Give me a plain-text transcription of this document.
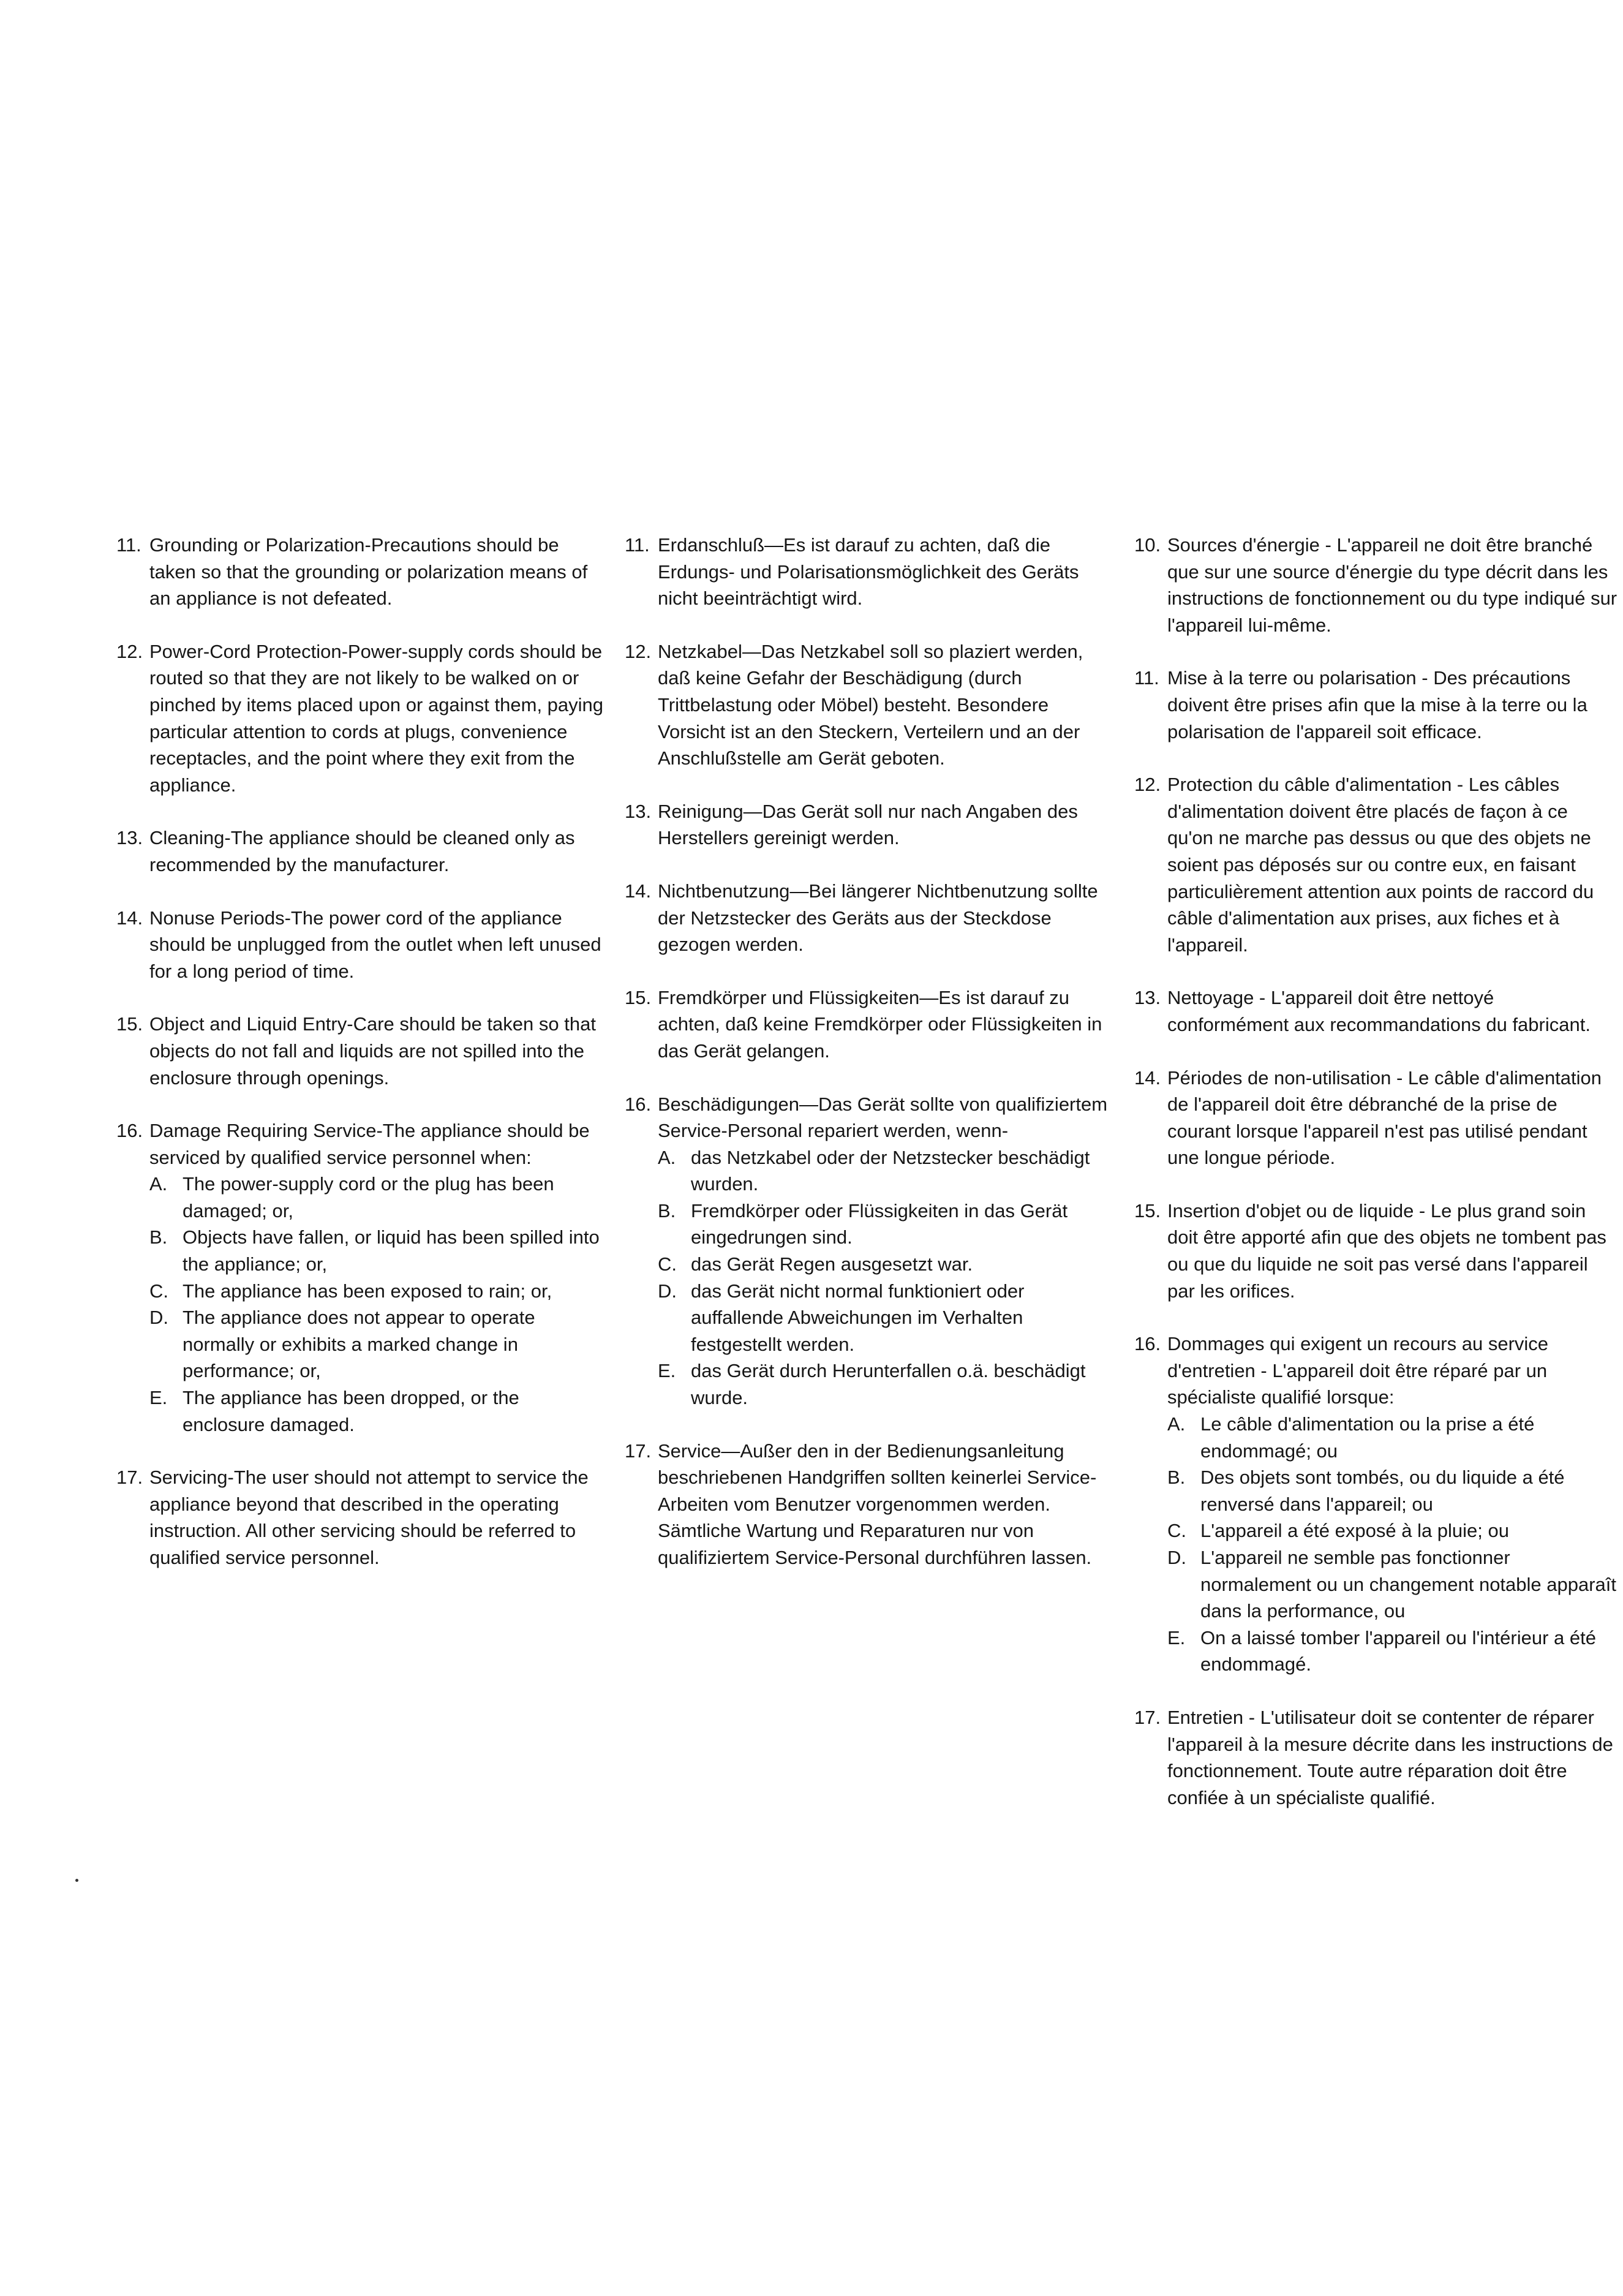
11. Grounding or Polarization-Precautions should be taken so that the grounding or polarization means of an appliance is not defeated.
12. Power-Cord Protection-Power-supply cords should be routed so that they are not likely to be walked on or pinched by items placed upon or against them, paying particular attention to cords at plugs, convenience receptacles, and the point where they exit from the appliance.
13. Cleaning-The appliance should be cleaned only as recommended by the manufacturer.
14. Nonuse Periods-The power cord of the appliance should be unplugged from the outlet when left unused for a long period of time.
15. Object and Liquid Entry-Care should be taken so that objects do not fall and liquids are not spilled into the enclosure through openings.
16. Damage Requiring Service-The appliance should be serviced by qualified service personnel when:
A. The power-supply cord or the plug has been damaged; or,
B. Objects have fallen, or liquid has been spilled into the appliance; or,
C. The appliance has been exposed to rain; or,
D. The appliance does not appear to operate normally or exhibits a marked change in performance; or,
E. The appliance has been dropped, or the enclosure damaged.
17. Servicing-The user should not attempt to service the appliance beyond that described in the operating instruction. All other servicing should be referred to qualified service personnel.
11. Erdanschluß—Es ist darauf zu achten, daß die Erdungs- und Polarisationsmöglichkeit des Geräts nicht beeinträchtigt wird.
12. Netzkabel—Das Netzkabel soll so plaziert werden, daß keine Gefahr der Beschädigung (durch Trittbelastung oder Möbel) besteht. Besondere Vorsicht ist an den Steckern, Verteilern und an der Anschlußstelle am Gerät geboten.
13. Reinigung—Das Gerät soll nur nach Angaben des Herstellers gereinigt werden.
14. Nichtbenutzung—Bei längerer Nichtbenutzung sollte der Netzstecker des Geräts aus der Steckdose gezogen werden.
15. Fremdkörper und Flüssigkeiten—Es ist darauf zu achten, daß keine Fremdkörper oder Flüssigkeiten in das Gerät gelangen.
16. Beschädigungen—Das Gerät sollte von qualifiziertem Service-Personal repariert werden, wenn-
A. das Netzkabel oder der Netzstecker beschädigt wurden.
B. Fremdkörper oder Flüssigkeiten in das Gerät eingedrungen sind.
C. das Gerät Regen ausgesetzt war.
D. das Gerät nicht normal funktioniert oder auffallende Abweichungen im Verhalten festgestellt werden.
E. das Gerät durch Herunterfallen o.ä. beschädigt wurde.
17. Service—Außer den in der Bedienungsanleitung beschriebenen Handgriffen sollten keinerlei Service-Arbeiten vom Benutzer vorgenommen werden. Sämtliche Wartung und Reparaturen nur von qualifiziertem Service-Personal durchführen lassen.
10. Sources d'énergie - L'appareil ne doit être branché que sur une source d'énergie du type décrit dans les instructions de fonctionnement ou du type indiqué sur l'appareil lui-même.
11. Mise à la terre ou polarisation - Des précautions doivent être prises afin que la mise à la terre ou la polarisation de l'appareil soit efficace.
12. Protection du câble d'alimentation - Les câbles d'alimentation doivent être placés de façon à ce qu'on ne marche pas dessus ou que des objets ne soient pas déposés sur ou contre eux, en faisant particulièrement attention aux points de raccord du câble d'alimentation aux prises, aux fiches et à l'appareil.
13. Nettoyage - L'appareil doit être nettoyé conformément aux recommandations du fabricant.
14. Périodes de non-utilisation - Le câble d'alimentation de l'appareil doit être débranché de la prise de courant lorsque l'appareil n'est pas utilisé pendant une longue période.
15. Insertion d'objet ou de liquide - Le plus grand soin doit être apporté afin que des objets ne tombent pas ou que du liquide ne soit pas versé dans l'appareil par les orifices.
16. Dommages qui exigent un recours au service d'entretien - L'appareil doit être réparé par un spécialiste qualifié lorsque:
A. Le câble d'alimentation ou la prise a été endommagé; ou
B. Des objets sont tombés, ou du liquide a été renversé dans l'appareil; ou
C. L'appareil a été exposé à la pluie; ou
D. L'appareil ne semble pas fonctionner normalement ou un changement notable apparaît dans la performance, ou
E. On a laissé tomber l'appareil ou l'intérieur a été endommagé.
17. Entretien - L'utilisateur doit se contenter de réparer l'appareil à la mesure décrite dans les instructions de fonctionnement. Toute autre réparation doit être confiée à un spécialiste qualifié.
